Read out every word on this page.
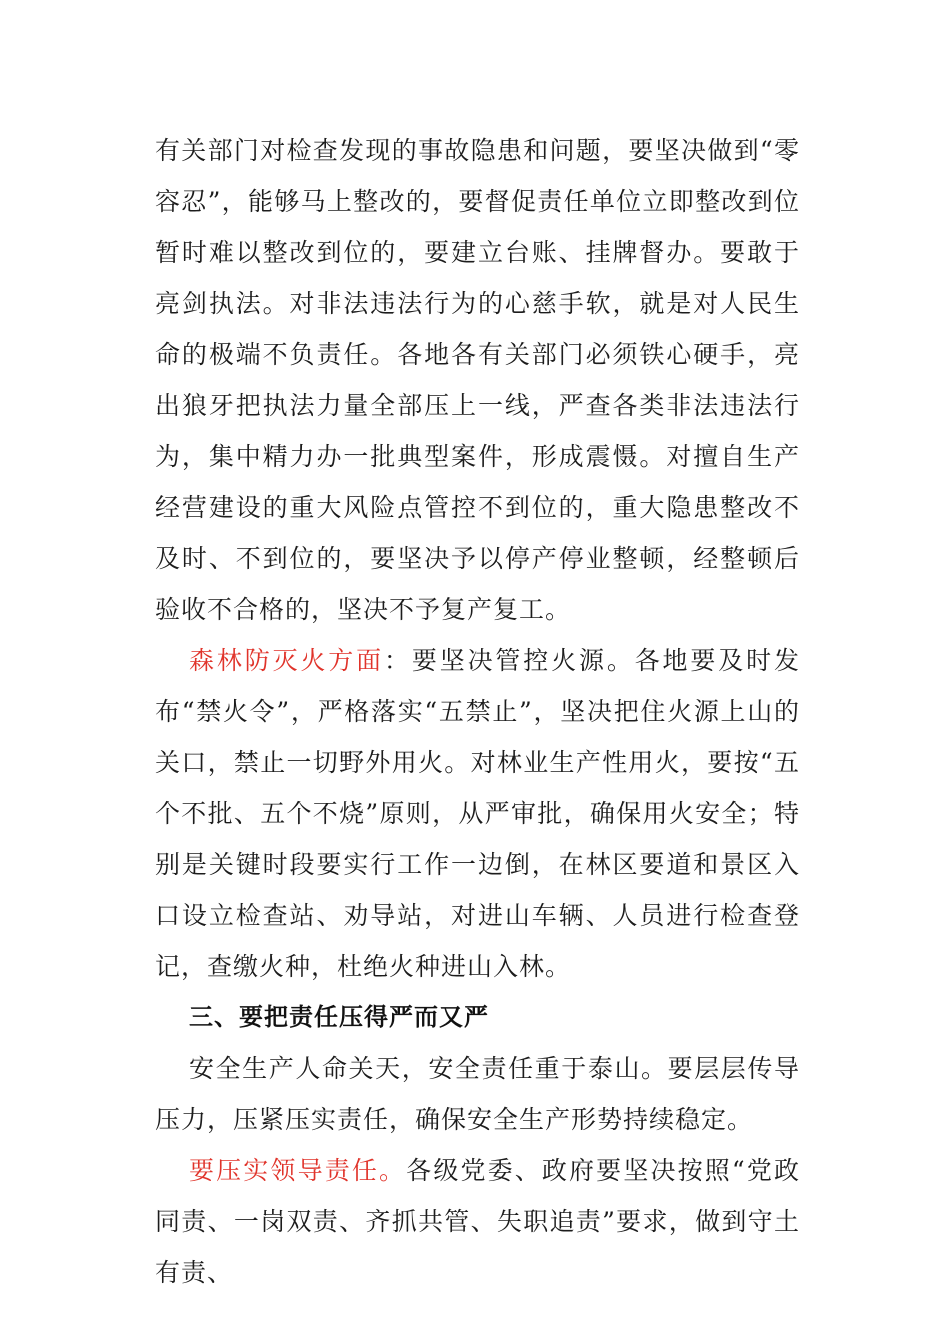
有关部门对检查发现的事故隐患和问题，要坚决做到“零容忍”，能够马上整改的，要督促责任单位立即整改到位暂时难以整改到位的，要建立台账、挂牌督办。要敢于亮剑执法。对非法违法行为的心慈手软，就是对人民生命的极端不负责任。各地各有关部门必须铁心硬手，亮出狼牙把执法力量全部压上一线，严查各类非法违法行为，集中精力办一批典型案件，形成震慑。对擅自生产经营建设的重大风险点管控不到位的，重大隐患整改不及时、不到位的，要坚决予以停产停业整顿，经整顿后验收不合格的，坚决不予复产复工。

森林防灭火方面：要坚决管控火源。各地要及时发布“禁火令”，严格落实“五禁止”，坚决把住火源上山的关口，禁止一切野外用火。对林业生产性用火，要按“五个不批、五个不烧”原则，从严审批，确保用火安全；特别是关键时段要实行工作一边倒，在林区要道和景区入口设立检查站、劝导站，对进山车辆、人员进行检查登记，查缴火种，杜绝火种进山入林。

三、要把责任压得严而又严

安全生产人命关天，安全责任重于泰山。要层层传导压力，压紧压实责任，确保安全生产形势持续稳定。

要压实领导责任。各级党委、政府要坚决按照“党政同责、一岗双责、齐抓共管、失职追责”要求，做到守土有责、
